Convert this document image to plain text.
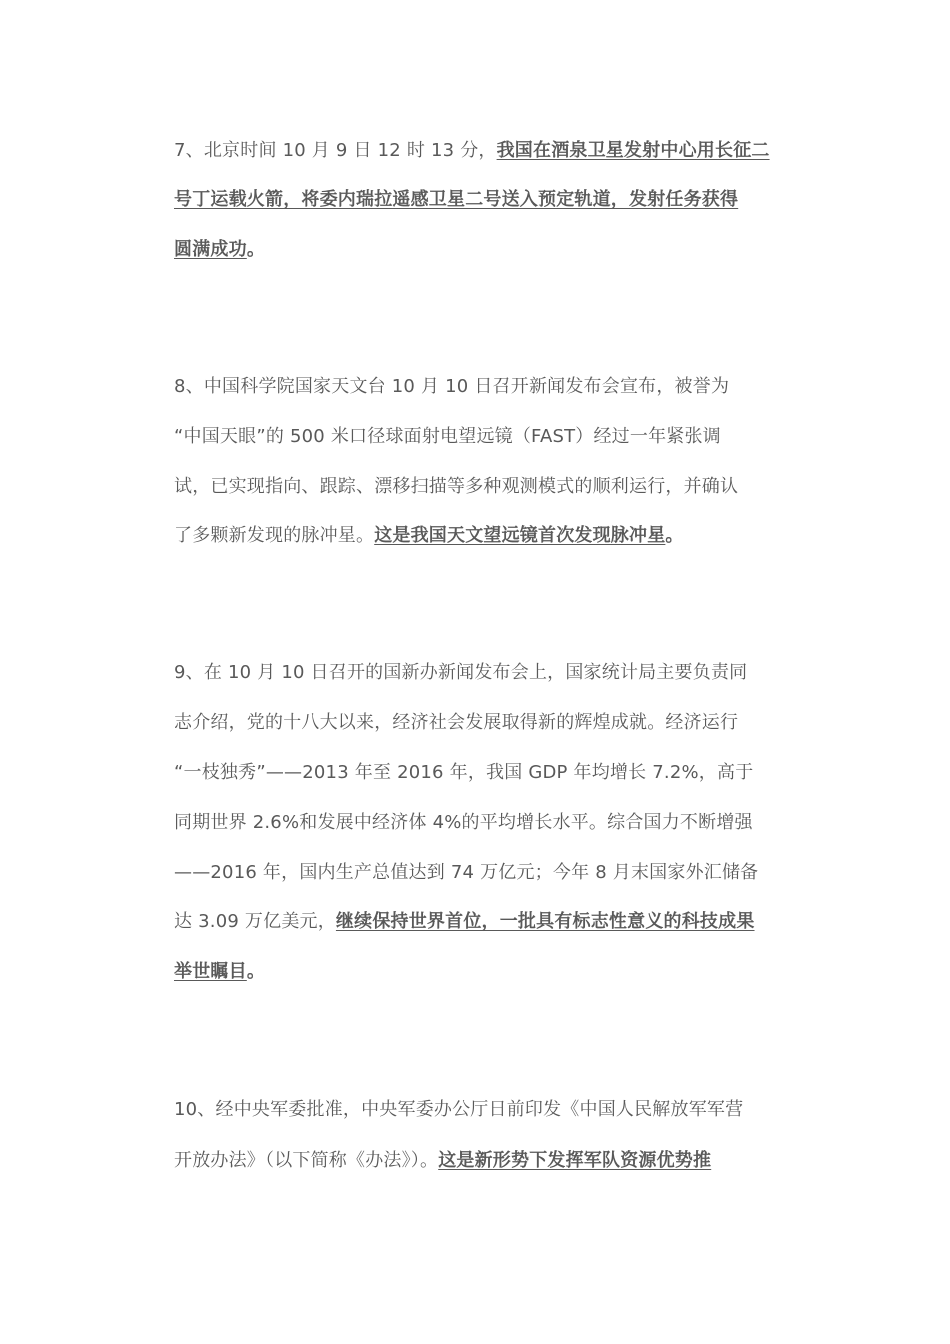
7、北京时间 10 月 9 日 12 时 13 分，我国在酒泉卫星发射中心用长征二
号丁运载火箭，将委内瑞拉遥感卫星二号送入预定轨道，发射任务获得
圆满成功。
8、中国科学院国家天文台 10 月 10 日召开新闻发布会宣布，被誉为
“中国天眼”的 500 米口径球面射电望远镜（FAST）经过一年紧张调
试，已实现指向、跟踪、漂移扫描等多种观测模式的顺利运行，并确认
了多颗新发现的脉冲星。这是我国天文望远镜首次发现脉冲星。
9、在 10 月 10 日召开的国新办新闻发布会上，国家统计局主要负责同
志介绍，党的十八大以来，经济社会发展取得新的辉煌成就。经济运行
“一枝独秀”——2013 年至 2016 年，我国 GDP 年均增长 7.2%，高于
同期世界 2.6%和发展中经济体 4%的平均增长水平。综合国力不断增强
——2016 年，国内生产总值达到 74 万亿元；今年 8 月末国家外汇储备
达 3.09 万亿美元，继续保持世界首位，一批具有标志性意义的科技成果
举世瞩目。
10、经中央军委批准，中央军委办公厅日前印发《中国人民解放军军营
开放办法》（以下简称《办法》）。这是新形势下发挥军队资源优势推
